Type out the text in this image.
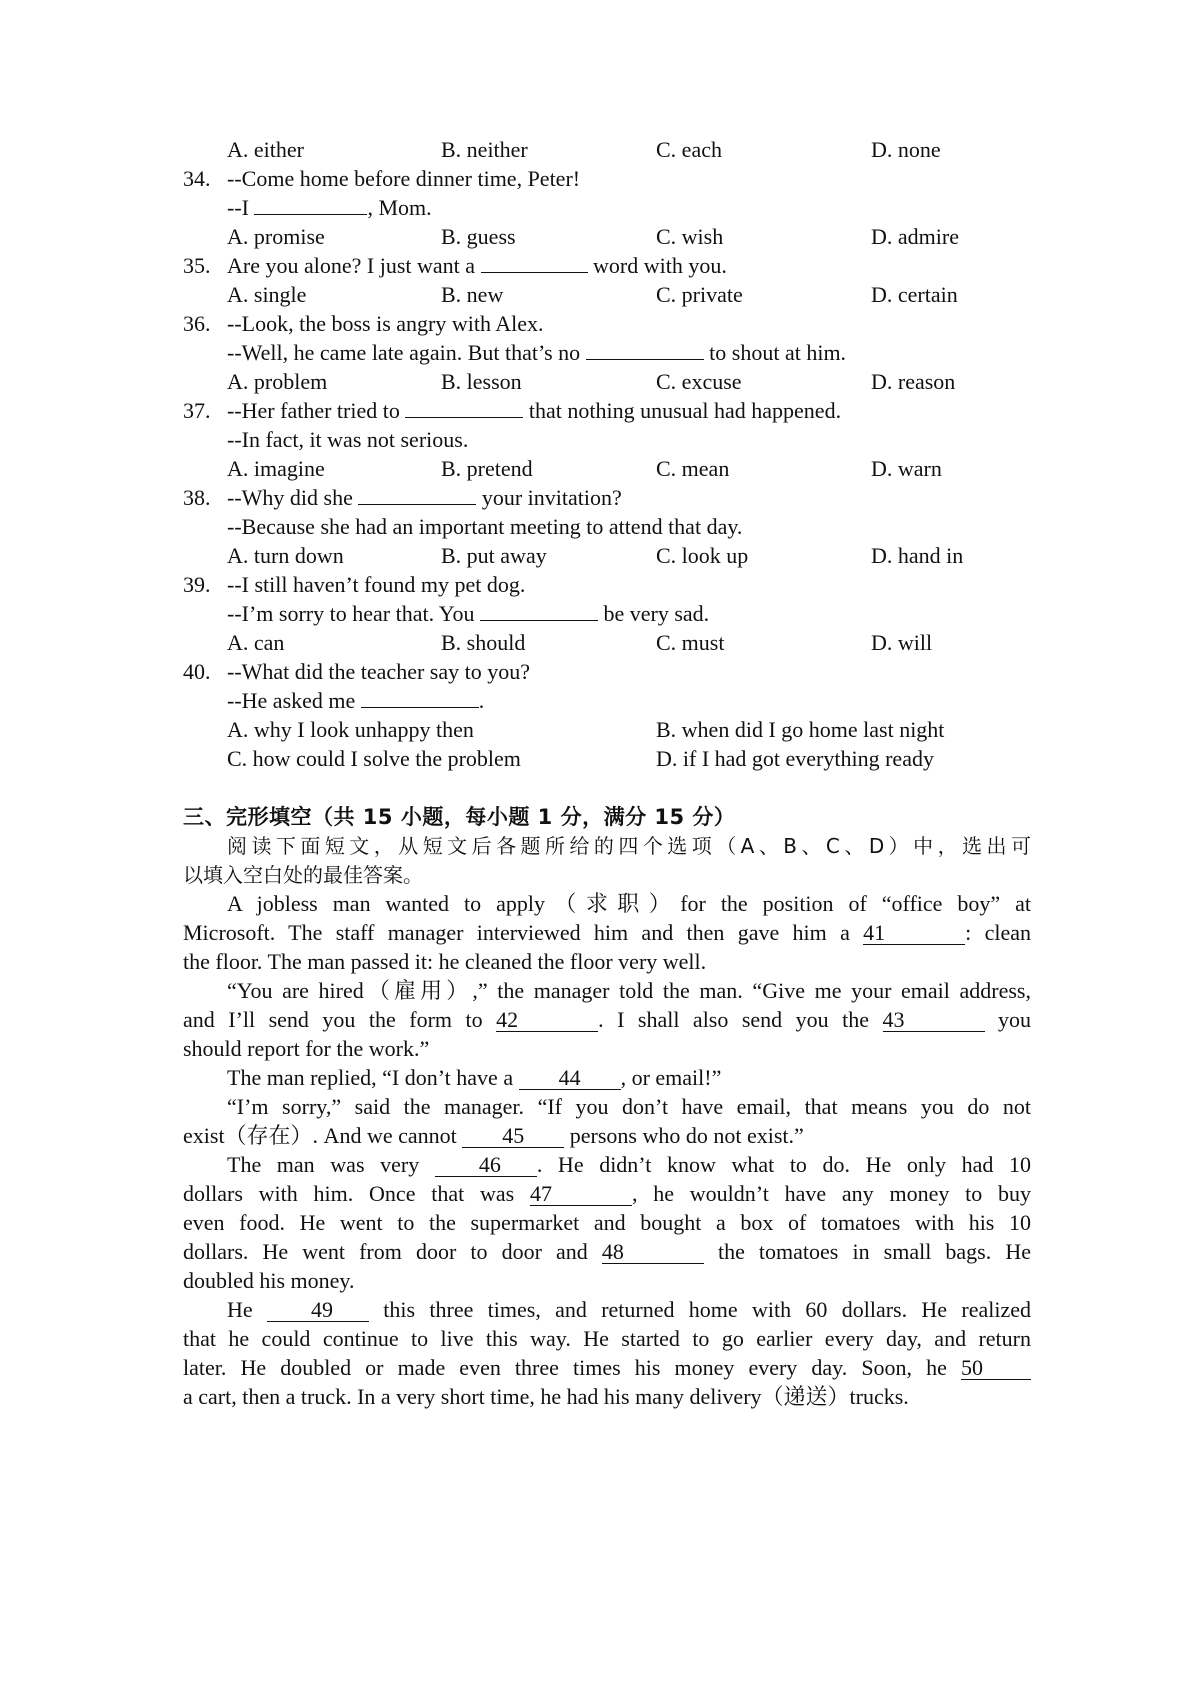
A. either	B. neither	C. each	D. none
34. --Come home before dinner time, Peter!
--I	, Mom.
A. promise	B. guess	C. wish	D. admire
35. Are you alone? I just want a	word with you.
A. single	B. new	C. private	D. certain
36. --Look, the boss is angry with Alex.
--Well, he came late again. But that’s no	to shout at him.
A. problem	B. lesson	C. excuse	D. reason
37. --Her father tried to	that nothing unusual had happened.
--In fact, it was not serious.
A. imagine	B. pretend	C. mean	D. warn
38. --Why did she	your invitation?
--Because she had an important meeting to attend that day.
A. turn down	B. put away	C. look up	D. hand in
39. --I still haven’t found my pet dog.
--I’m sorry to hear that. You	be very sad.
A. can	B. should	C. must	D. will
40. --What did the teacher say to you?
--He asked me	.
A. why I look unhappy then	B. when did I go home last night
C. how could I solve the problem	D. if I had got everything ready
三、完形填空（共 15 小题，每小题 1 分，满分 15 分）
阅读下面短文，从短文后各题所给的四个选项（A、B、C、D）中，选出可
以填入空白处的最佳答案。
A jobless man wanted to apply（求职）for the position of “office boy” at
Microsoft. The staff manager interviewed him and then gave him a 41	: clean
the floor. The man passed it: he cleaned the floor very well.
“You are hired（雇用）,” the manager told the man. “Give me your email address,
and I’ll send you the form to 42	. I shall also send you the 43	you
should report for the work.”
The man replied, “I don’t have a 44 , or email!”
“I’m sorry,” said the manager. “If you don’t have email, that means you do not
exist（存在）. And we cannot 45 persons who do not exist.”
The man was very 46 . He didn’t know what to do. He only had 10
dollars with him. Once that was 47	, he wouldn’t have any money to buy
even food. He went to the supermarket and bought a box of tomatoes with his 10
dollars. He went from door to door and 48	the tomatoes in small bags. He
doubled his money.
He 49 this three times, and returned home with 60 dollars. He realized
that he could continue to live this way. He started to go earlier every day, and return
later. He doubled or made even three times his money every day. Soon, he 50
a cart, then a truck. In a very short time, he had his many delivery（递送）trucks.
